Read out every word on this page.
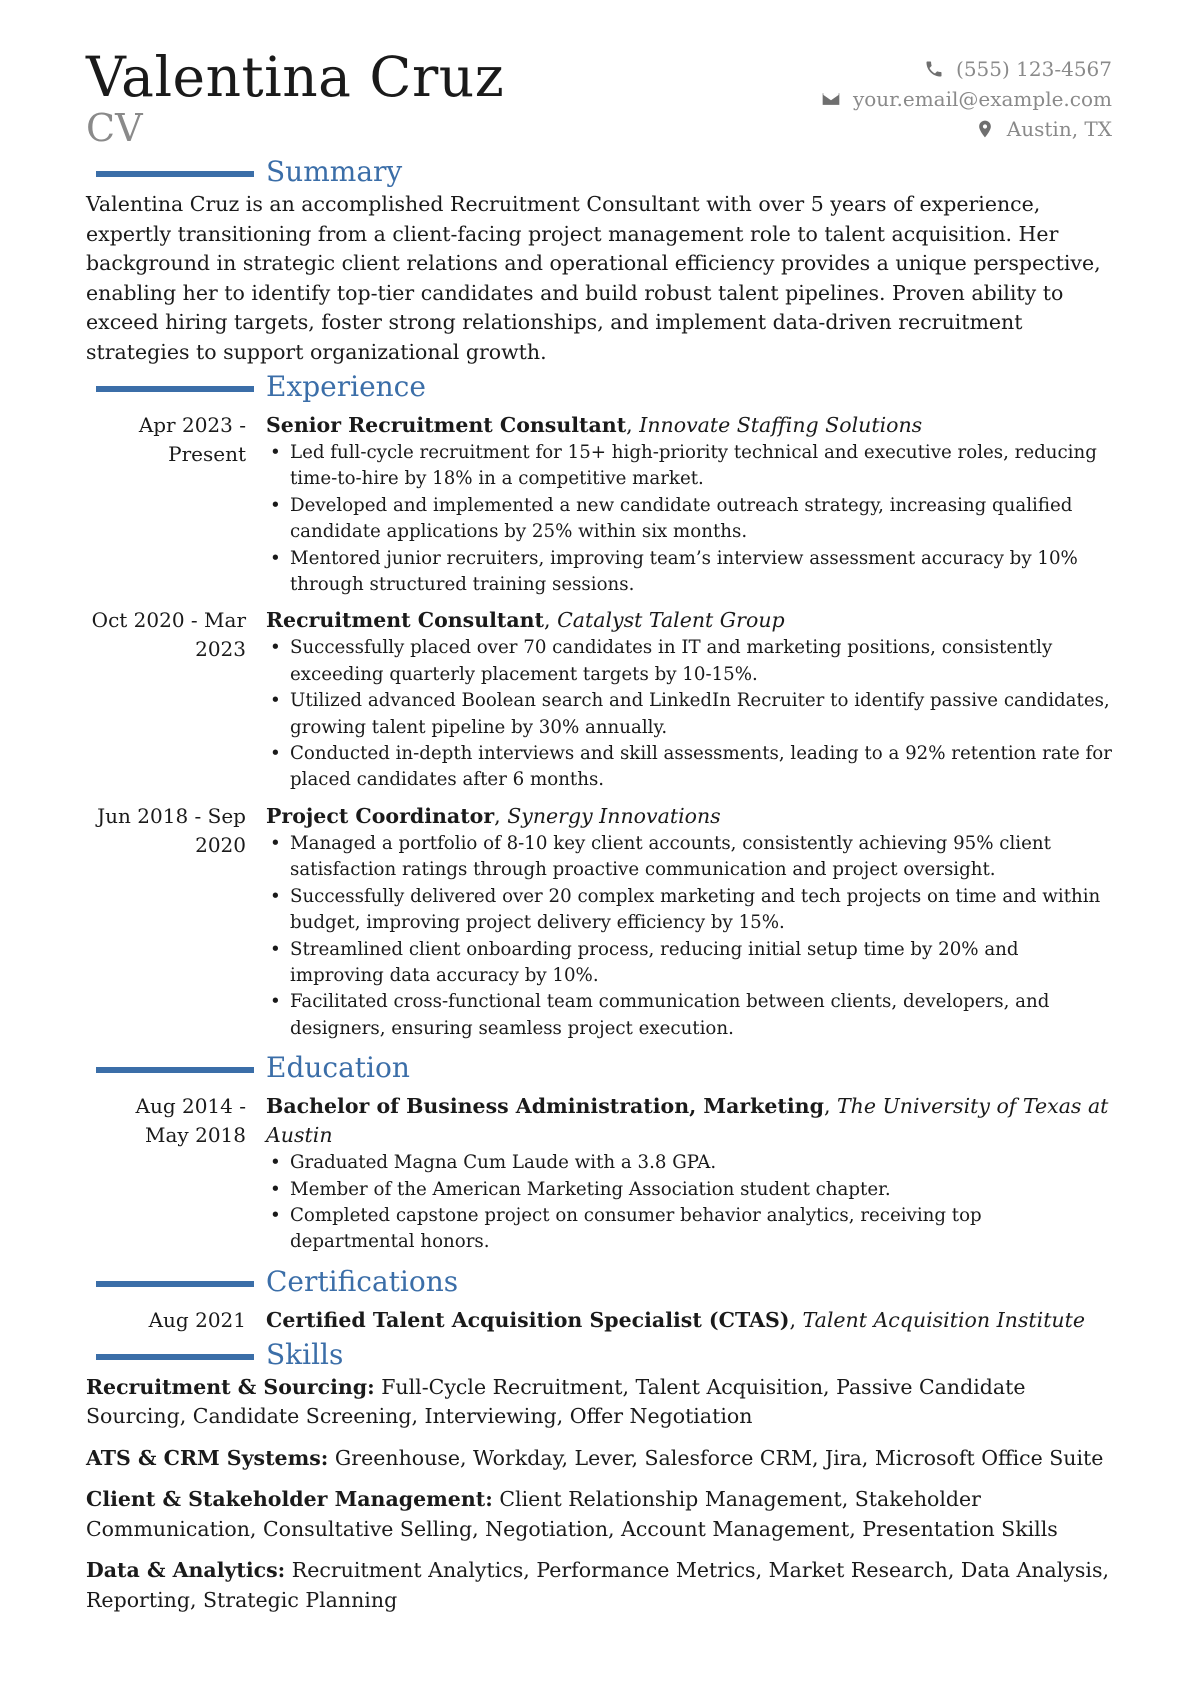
Valentina Cruz
CV
(555) 123-4567
your.email@example.com
Austin, TX
Summary

Valentina Cruz is an accomplished Recruitment Consultant with over 5 years of experience, expertly transitioning from a client-facing project management role to talent acquisition. Her background in strategic client relations and operational efficiency provides a unique perspective, enabling her to identify top-tier candidates and build robust talent pipelines. Proven ability to exceed hiring targets, foster strong relationships, and implement data-driven recruitment strategies to support organizational growth.

Experience
Apr 2023 - Present
Senior Recruitment Consultant, Innovate Staffing Solutions
• Led full-cycle recruitment for 15+ high-priority technical and executive roles, reducing time-to-hire by 18% in a competitive market.
• Developed and implemented a new candidate outreach strategy, increasing qualified candidate applications by 25% within six months.
• Mentored junior recruiters, improving team’s interview assessment accuracy by 10% through structured training sessions.
Oct 2020 - Mar 2023
Recruitment Consultant, Catalyst Talent Group
• Successfully placed over 70 candidates in IT and marketing positions, consistently exceeding quarterly placement targets by 10-15%.
• Utilized advanced Boolean search and LinkedIn Recruiter to identify passive candidates, growing talent pipeline by 30% annually.
• Conducted in-depth interviews and skill assessments, leading to a 92% retention rate for placed candidates after 6 months.
Jun 2018 - Sep 2020
Project Coordinator, Synergy Innovations
• Managed a portfolio of 8-10 key client accounts, consistently achieving 95% client satisfaction ratings through proactive communication and project oversight.
• Successfully delivered over 20 complex marketing and tech projects on time and within budget, improving project delivery efficiency by 15%.
• Streamlined client onboarding process, reducing initial setup time by 20% and improving data accuracy by 10%.
• Facilitated cross-functional team communication between clients, developers, and designers, ensuring seamless project execution.
Education
Aug 2014 - May 2018
Bachelor of Business Administration, Marketing, The University of Texas at Austin
• Graduated Magna Cum Laude with a 3.8 GPA.
• Member of the American Marketing Association student chapter.
• Completed capstone project on consumer behavior analytics, receiving top departmental honors.
Certifications
Aug 2021 Certified Talent Acquisition Specialist (CTAS), Talent Acquisition Institute
Skills

Recruitment & Sourcing: Full-Cycle Recruitment, Talent Acquisition, Passive Candidate Sourcing, Candidate Screening, Interviewing, Offer Negotiation

ATS & CRM Systems: Greenhouse, Workday, Lever, Salesforce CRM, Jira, Microsoft Office Suite

Client & Stakeholder Management: Client Relationship Management, Stakeholder Communication, Consultative Selling, Negotiation, Account Management, Presentation Skills

Data & Analytics: Recruitment Analytics, Performance Metrics, Market Research, Data Analysis, Reporting, Strategic Planning
